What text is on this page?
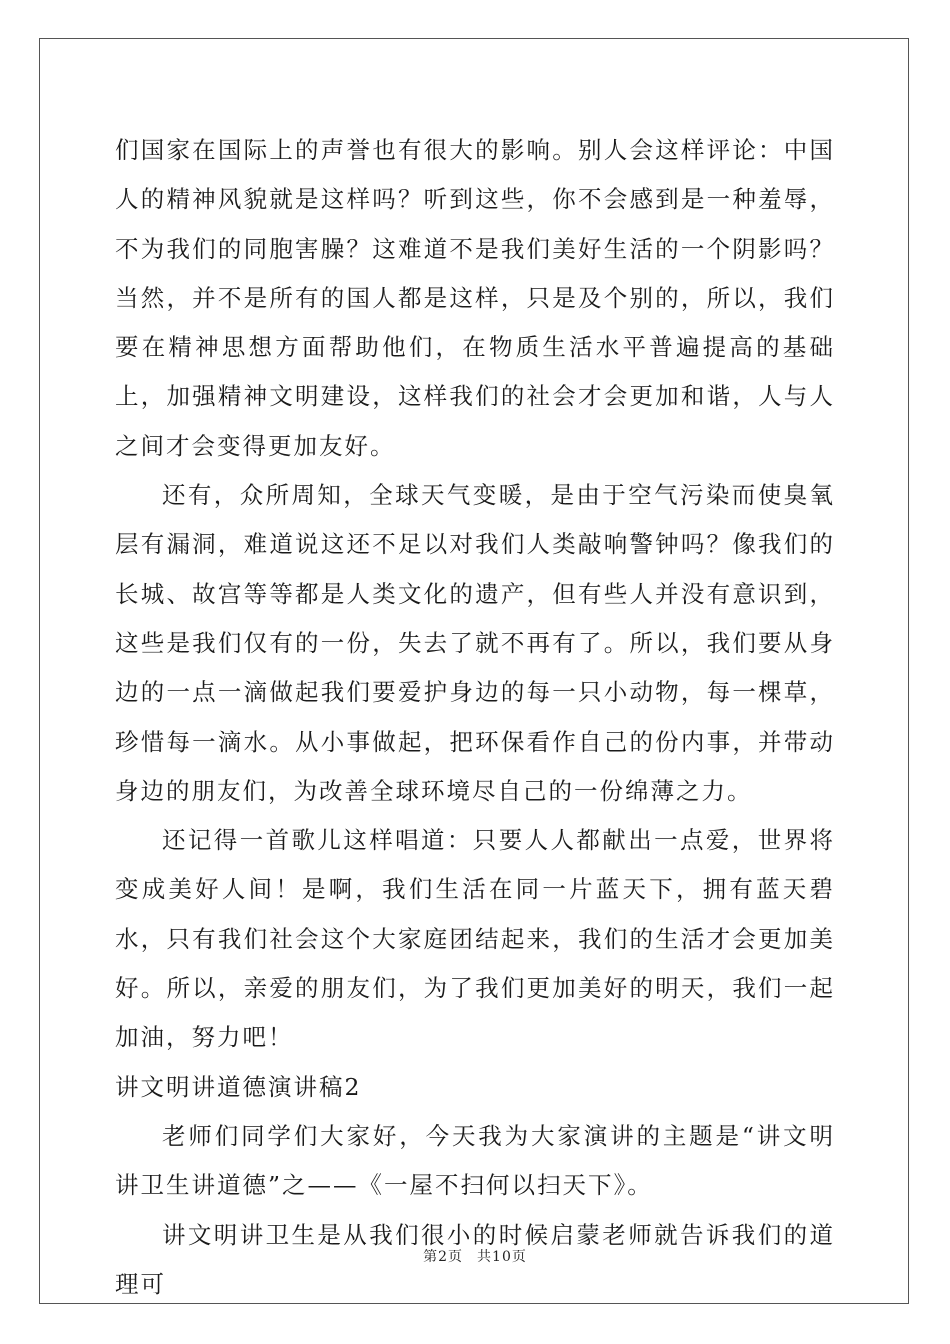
们国家在国际上的声誉也有很大的影响。别人会这样评论：中国人的精神风貌就是这样吗？听到这些，你不会感到是一种羞辱，不为我们的同胞害臊？这难道不是我们美好生活的一个阴影吗？当然，并不是所有的国人都是这样，只是及个别的，所以，我们要在精神思想方面帮助他们，在物质生活水平普遍提高的基础上，加强精神文明建设，这样我们的社会才会更加和谐，人与人之间才会变得更加友好。

还有，众所周知，全球天气变暖，是由于空气污染而使臭氧层有漏洞，难道说这还不足以对我们人类敲响警钟吗？像我们的长城、故宫等等都是人类文化的遗产，但有些人并没有意识到，这些是我们仅有的一份，失去了就不再有了。所以，我们要从身边的一点一滴做起我们要爱护身边的每一只小动物，每一棵草，珍惜每一滴水。从小事做起，把环保看作自己的份内事，并带动身边的朋友们，为改善全球环境尽自己的一份绵薄之力。

还记得一首歌儿这样唱道：只要人人都献出一点爱，世界将变成美好人间！是啊，我们生活在同一片蓝天下，拥有蓝天碧水，只有我们社会这个大家庭团结起来，我们的生活才会更加美好。所以，亲爱的朋友们，为了我们更加美好的明天，我们一起加油，努力吧！

讲文明讲道德演讲稿2

老师们同学们大家好，今天我为大家演讲的主题是“讲文明讲卫生讲道德”之——《一屋不扫何以扫天下》。

讲文明讲卫生是从我们很小的时候启蒙老师就告诉我们的道理可

第2页 共10页
